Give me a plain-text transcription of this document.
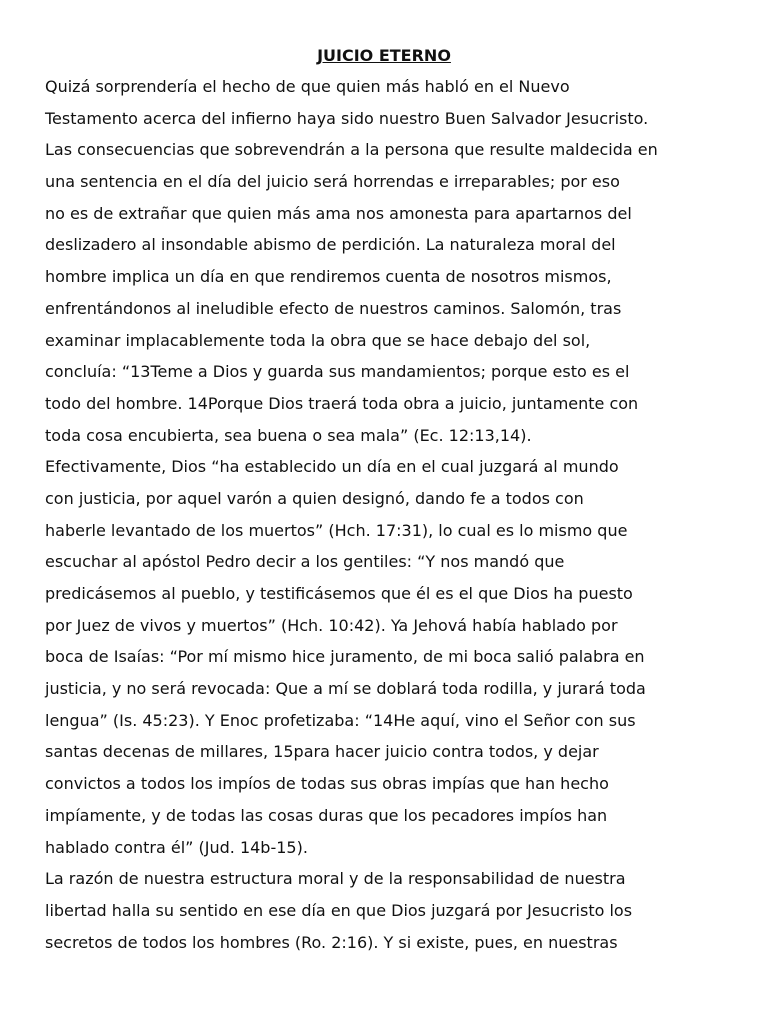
JUICIO ETERNO
Quizá sorprendería el hecho de que quien más habló en el Nuevo
Testamento acerca del infierno haya sido nuestro Buen Salvador Jesucristo.
Las consecuencias que sobrevendrán a la persona que resulte maldecida en
una sentencia en el día del juicio será horrendas e irreparables; por eso
no es de extrañar que quien más ama nos amonesta para apartarnos del
deslizadero al insondable abismo de perdición. La naturaleza moral del
hombre implica un día en que rendiremos cuenta de nosotros mismos,
enfrentándonos al ineludible efecto de nuestros caminos. Salomón, tras
examinar implacablemente toda la obra que se hace debajo del sol,
concluía: “13Teme a Dios y guarda sus mandamientos; porque esto es el
todo del hombre. 14Porque Dios traerá toda obra a juicio, juntamente con
toda cosa encubierta, sea buena o sea mala” (Ec. 12:13,14).
Efectivamente, Dios “ha establecido un día en el cual juzgará al mundo
con justicia, por aquel varón a quien designó, dando fe a todos con
haberle levantado de los muertos” (Hch. 17:31), lo cual es lo mismo que
escuchar al apóstol Pedro decir a los gentiles: “Y nos mandó que
predicásemos al pueblo, y testificásemos que él es el que Dios ha puesto
por Juez de vivos y muertos” (Hch. 10:42). Ya Jehová había hablado por
boca de Isaías: “Por mí mismo hice juramento, de mi boca salió palabra en
justicia, y no será revocada: Que a mí se doblará toda rodilla, y jurará toda
lengua” (Is. 45:23). Y Enoc profetizaba: “14He aquí, vino el Señor con sus
santas decenas de millares, 15para hacer juicio contra todos, y dejar
convictos a todos los impíos de todas sus obras impías que han hecho
impíamente, y de todas las cosas duras que los pecadores impíos han
hablado contra él” (Jud. 14b-15).
La razón de nuestra estructura moral y de la responsabilidad de nuestra
libertad halla su sentido en ese día en que Dios juzgará por Jesucristo los
secretos de todos los hombres (Ro. 2:16). Y si existe, pues, en nuestras
